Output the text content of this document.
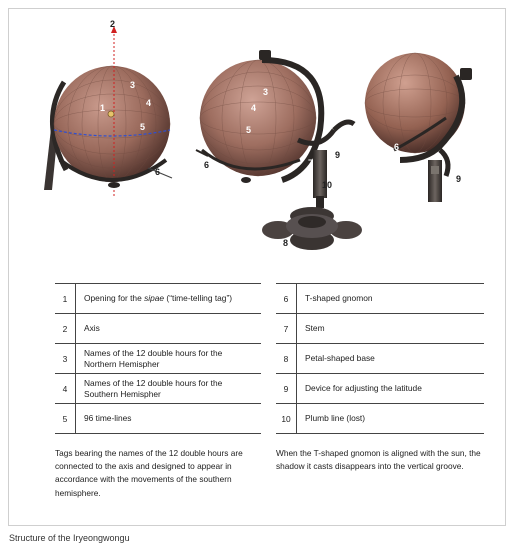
2
1
3
4
5
6
3
4
5
6	7
9
10
8
6
9
1	Opening for the sipae (“time-telling tag”)
2	Axis
3	Names of the 12 double hours for the
Northern Hemispher
4	Names of the 12 double hours for the
Southern Hemispher
5	96 time-lines
6	T-shaped gnomon
7	Stem
8	Petal-shaped base
9	Device for adjusting the latitude
10	Plumb line (lost)
Tags bearing the names of the 12 double hours are connected to the axis and designed to appear in accordance with the movements of the southern hemisphere.
When the T-shaped gnomon is aligned with the sun, the shadow it casts disappears into the vertical groove.
Structure of the Iryeongwongu
